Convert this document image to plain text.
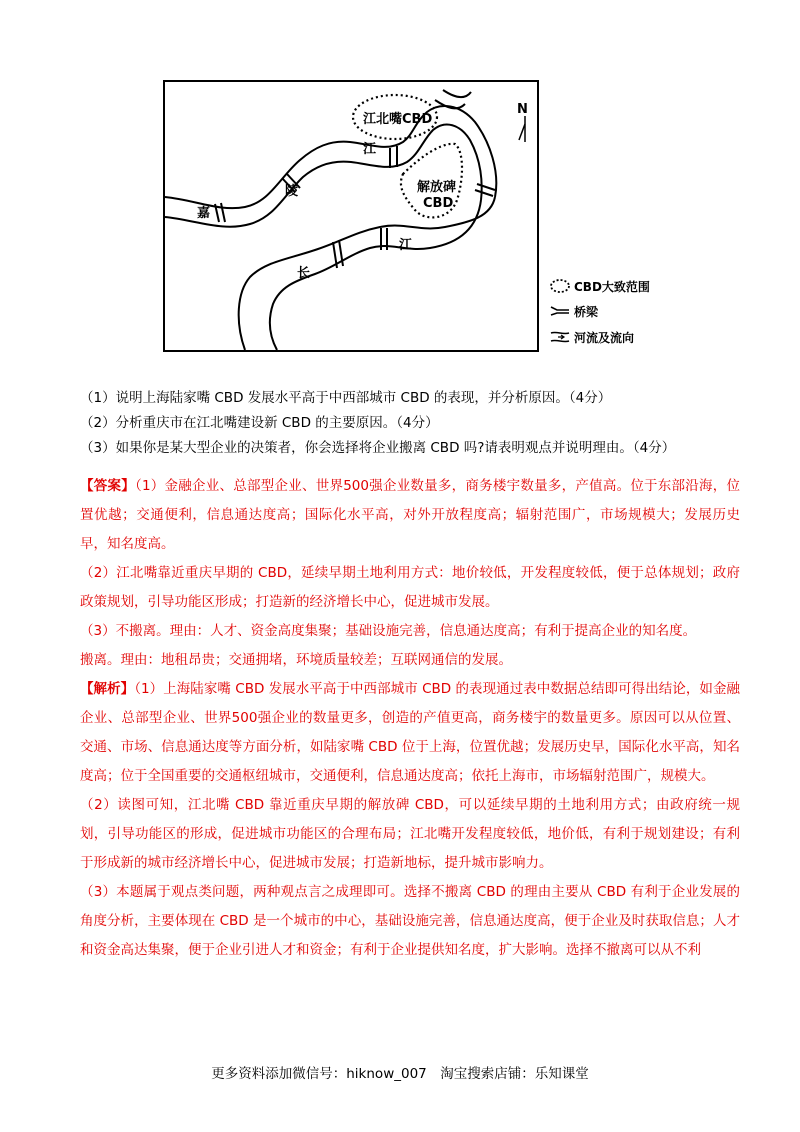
江北嘴CBD
解放碑
CBD
江
陵
嘉
江
长
N
CBD大致范围
桥梁
河流及流向
（1）说明上海陆家嘴 CBD 发展水平高于中西部城市 CBD 的表现，并分析原因。（4分）
（2）分析重庆市在江北嘴建设新 CBD 的主要原因。（4分）
（3）如果你是某大型企业的决策者，你会选择将企业搬离 CBD 吗?请表明观点并说明理由。（4分）

【答案】（1）金融企业、总部型企业、世界500强企业数量多，商务楼宇数量多，产值高。位于东部沿海，位置优越；交通便利，信息通达度高；国际化水平高，对外开放程度高；辐射范围广，市场规模大；发展历史早，知名度高。

（2）江北嘴靠近重庆早期的 CBD，延续早期土地利用方式：地价较低，开发程度较低，便于总体规划；政府政策规划，引导功能区形成；打造新的经济增长中心，促进城市发展。

（3）不搬离。理由：人才、资金高度集聚；基础设施完善，信息通达度高；有利于提高企业的知名度。

搬离。理由：地租昂贵；交通拥堵，环境质量较差；互联网通信的发展。

【解析】（1）上海陆家嘴 CBD 发展水平高于中西部城市 CBD 的表现通过表中数据总结即可得出结论，如金融企业、总部型企业、世界500强企业的数量更多，创造的产值更高，商务楼宇的数量更多。原因可以从位置、交通、市场、信息通达度等方面分析，如陆家嘴 CBD 位于上海，位置优越；发展历史早，国际化水平高，知名度高；位于全国重要的交通枢纽城市，交通便利，信息通达度高；依托上海市，市场辐射范围广，规模大。

（2）读图可知，江北嘴 CBD 靠近重庆早期的解放碑 CBD，可以延续早期的土地利用方式；由政府统一规划，引导功能区的形成，促进城市功能区的合理布局；江北嘴开发程度较低，地价低，有利于规划建设；有利于形成新的城市经济增长中心，促进城市发展；打造新地标，提升城市影响力。

（3）本题属于观点类问题，两种观点言之成理即可。选择不搬离 CBD 的理由主要从 CBD 有利于企业发展的角度分析，主要体现在 CBD 是一个城市的中心，基础设施完善，信息通达度高，便于企业及时获取信息；人才和资金高达集聚，便于企业引进人才和资金；有利于企业提供知名度，扩大影响。选择不撤离可以从不利

更多资料添加微信号：hiknow_007　淘宝搜索店铺：乐知课堂
